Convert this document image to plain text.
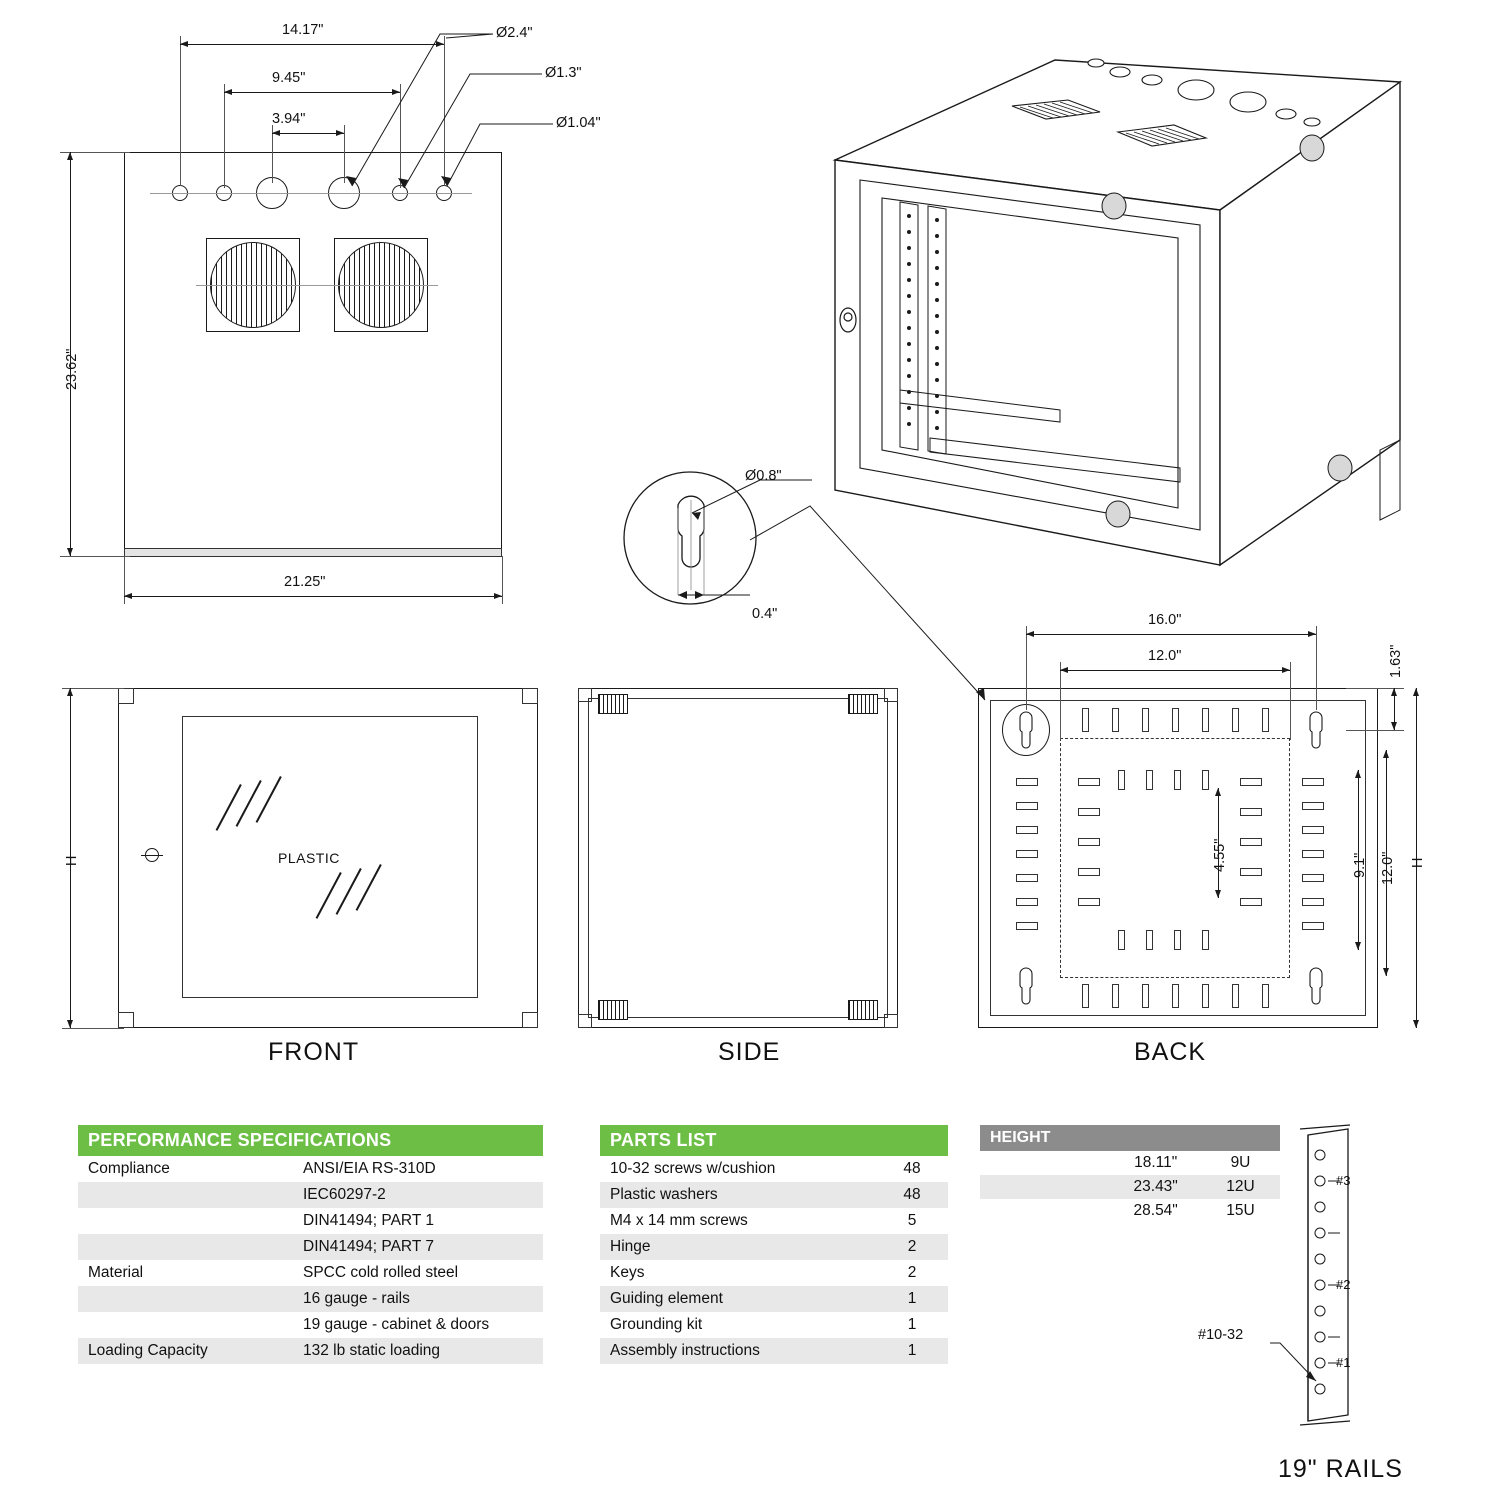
14.17"
9.45"
3.94"
Ø2.4"
Ø1.3"
Ø1.04"
23.62"
21.25"
Ø0.8"
0.4"
PLASTIC
H
FRONT	SIDE
16.0"
12.0"	1.63"
9.1" 12.0" H
4.55"
BACK
PERFORMANCE SPECIFICATIONS	
Compliance	ANSI/EIA RS-310D
	IEC60297-2
	DIN41494; PART 1
	DIN41494; PART 7
Material	SPCC cold rolled steel
	16 gauge - rails
	19 gauge - cabinet & doors
Loading Capacity	132 lb static loading
PARTS LIST	
10-32 screws w/cushion	48
Plastic washers	48
M4 x 14 mm screws	5
Hinge	2
Keys	2
Guiding element	1
Grounding kit	1
Assembly instructions	1
HEIGHT		
	18.11"	9U
	23.43"	12U
	28.54"	15U
#3
#2
#1
#10-32
19" RAILS
